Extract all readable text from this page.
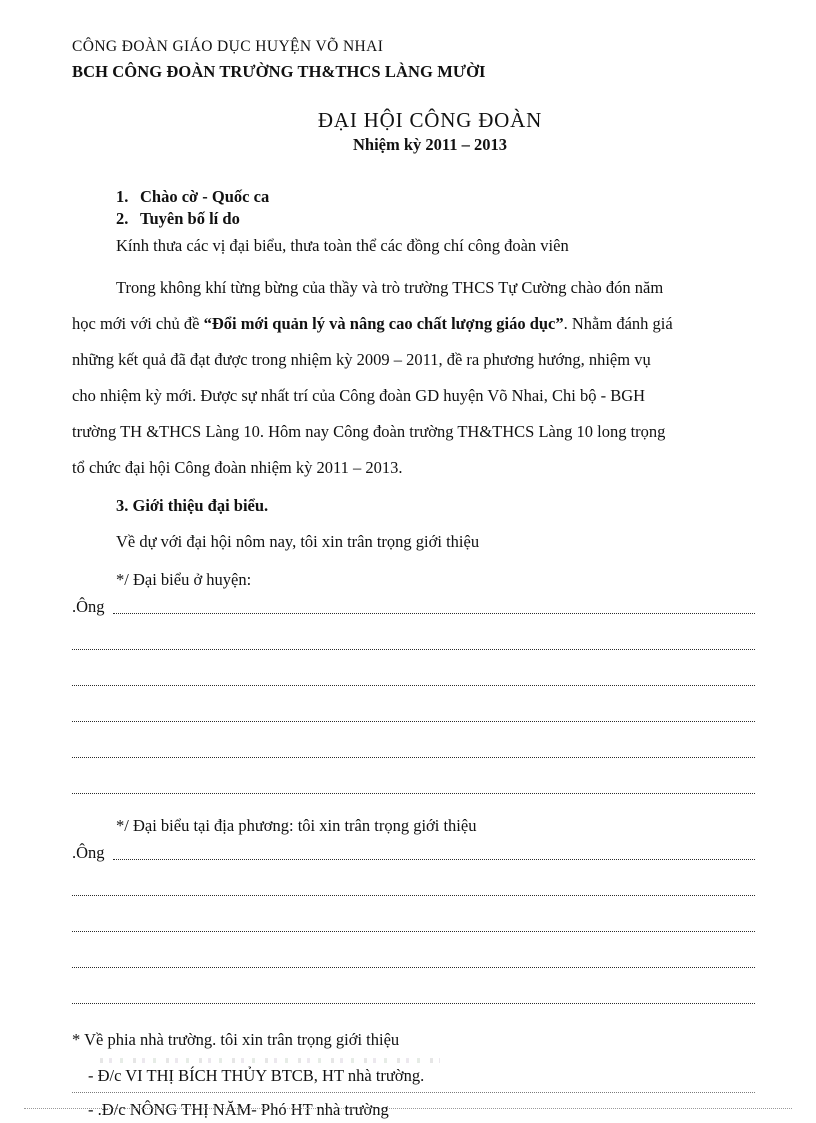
CÔNG ĐOÀN GIÁO DỤC HUYỆN VÕ NHAI
BCH CÔNG ĐOÀN TRƯỜNG TH&THCS LÀNG MƯỜI
ĐẠI HỘI CÔNG ĐOÀN
Nhiệm kỳ 2011 – 2013
1. Chào cờ - Quốc ca
2. Tuyên bố lí do
Kính thưa các vị đại biểu, thưa toàn thể các đồng chí công đoàn viên
Trong không khí từng bừng của thầy và trò trường THCS Tự Cường chào đón năm
học mới với chủ đề “Đổi mới quản lý và nâng cao chất lượng giáo dục”. Nhằm đánh giá
những kết quả đã đạt được trong nhiệm kỳ 2009 – 2011, đề ra phương hướng, nhiệm vụ
cho nhiệm kỳ mới. Được sự nhất trí của Công đoàn GD huyện Võ Nhai, Chi bộ - BGH
trường TH &THCS Làng 10. Hôm nay Công đoàn trường TH&THCS Làng 10 long trọng
tổ chức đại hội Công đoàn nhiệm kỳ 2011 – 2013.
3. Giới thiệu đại biểu.
Về dự với đại hội nôm nay, tôi xin trân trọng giới thiệu
*/ Đại biểu ở huyện:
.Ông
*/ Đại biểu tại địa phương: tôi xin trân trọng giới thiệu
.Ông
* Về phia nhà trường. tôi xin trân trọng giới thiệu
- Đ/c VI THỊ BÍCH THỦY BTCB, HT nhà trường.
- .Đ/c NÔNG THỊ NĂM- Phó HT nhà trường
